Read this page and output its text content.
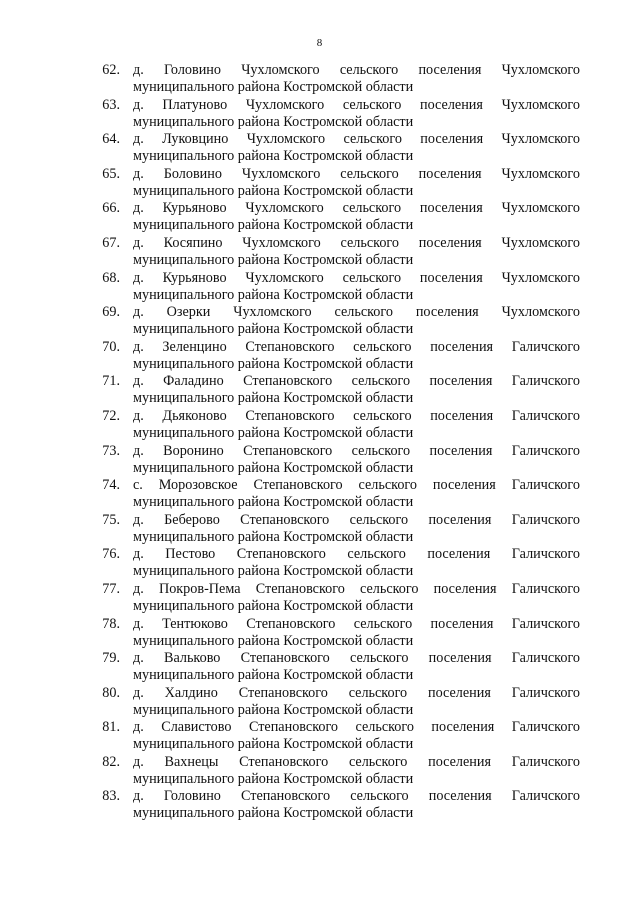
8
62. д. Головино Чухломского сельского поселения Чухломского
муниципального района Костромской области
63. д. Платуново Чухломского сельского поселения Чухломского
муниципального района Костромской области
64. д. Луковцино Чухломского сельского поселения Чухломского
муниципального района Костромской области
65. д. Боловино Чухломского сельского поселения Чухломского
муниципального района Костромской области
66. д. Курьяново Чухломского сельского поселения Чухломского
муниципального района Костромской области
67. д. Косяпино Чухломского сельского поселения Чухломского
муниципального района Костромской области
68. д. Курьяново Чухломского сельского поселения Чухломского
муниципального района Костромской области
69. д. Озерки Чухломского сельского поселения Чухломского
муниципального района Костромской области
70. д. Зеленцино Степановского сельского поселения Галичского
муниципального района Костромской области
71. д. Фаладино Степановского сельского поселения Галичского
муниципального района Костромской области
72. д. Дьяконово Степановского сельского поселения Галичского
муниципального района Костромской области
73. д. Воронино Степановского сельского поселения Галичского
муниципального района Костромской области
74. с. Морозовское Степановского сельского поселения Галичского
муниципального района Костромской области
75. д. Беберово Степановского сельского поселения Галичского
муниципального района Костромской области
76. д. Пестово Степановского сельского поселения Галичского
муниципального района Костромской области
77. д. Покров-Пема Степановского сельского поселения Галичского
муниципального района Костромской области
78. д. Тентюково Степановского сельского поселения Галичского
муниципального района Костромской области
79. д. Вальково Степановского сельского поселения Галичского
муниципального района Костромской области
80. д. Халдино Степановского сельского поселения Галичского
муниципального района Костромской области
81. д. Славистово Степановского сельского поселения Галичского
муниципального района Костромской области
82. д. Вахнецы Степановского сельского поселения Галичского
муниципального района Костромской области
83. д. Головино Степановского сельского поселения Галичского
муниципального района Костромской области
